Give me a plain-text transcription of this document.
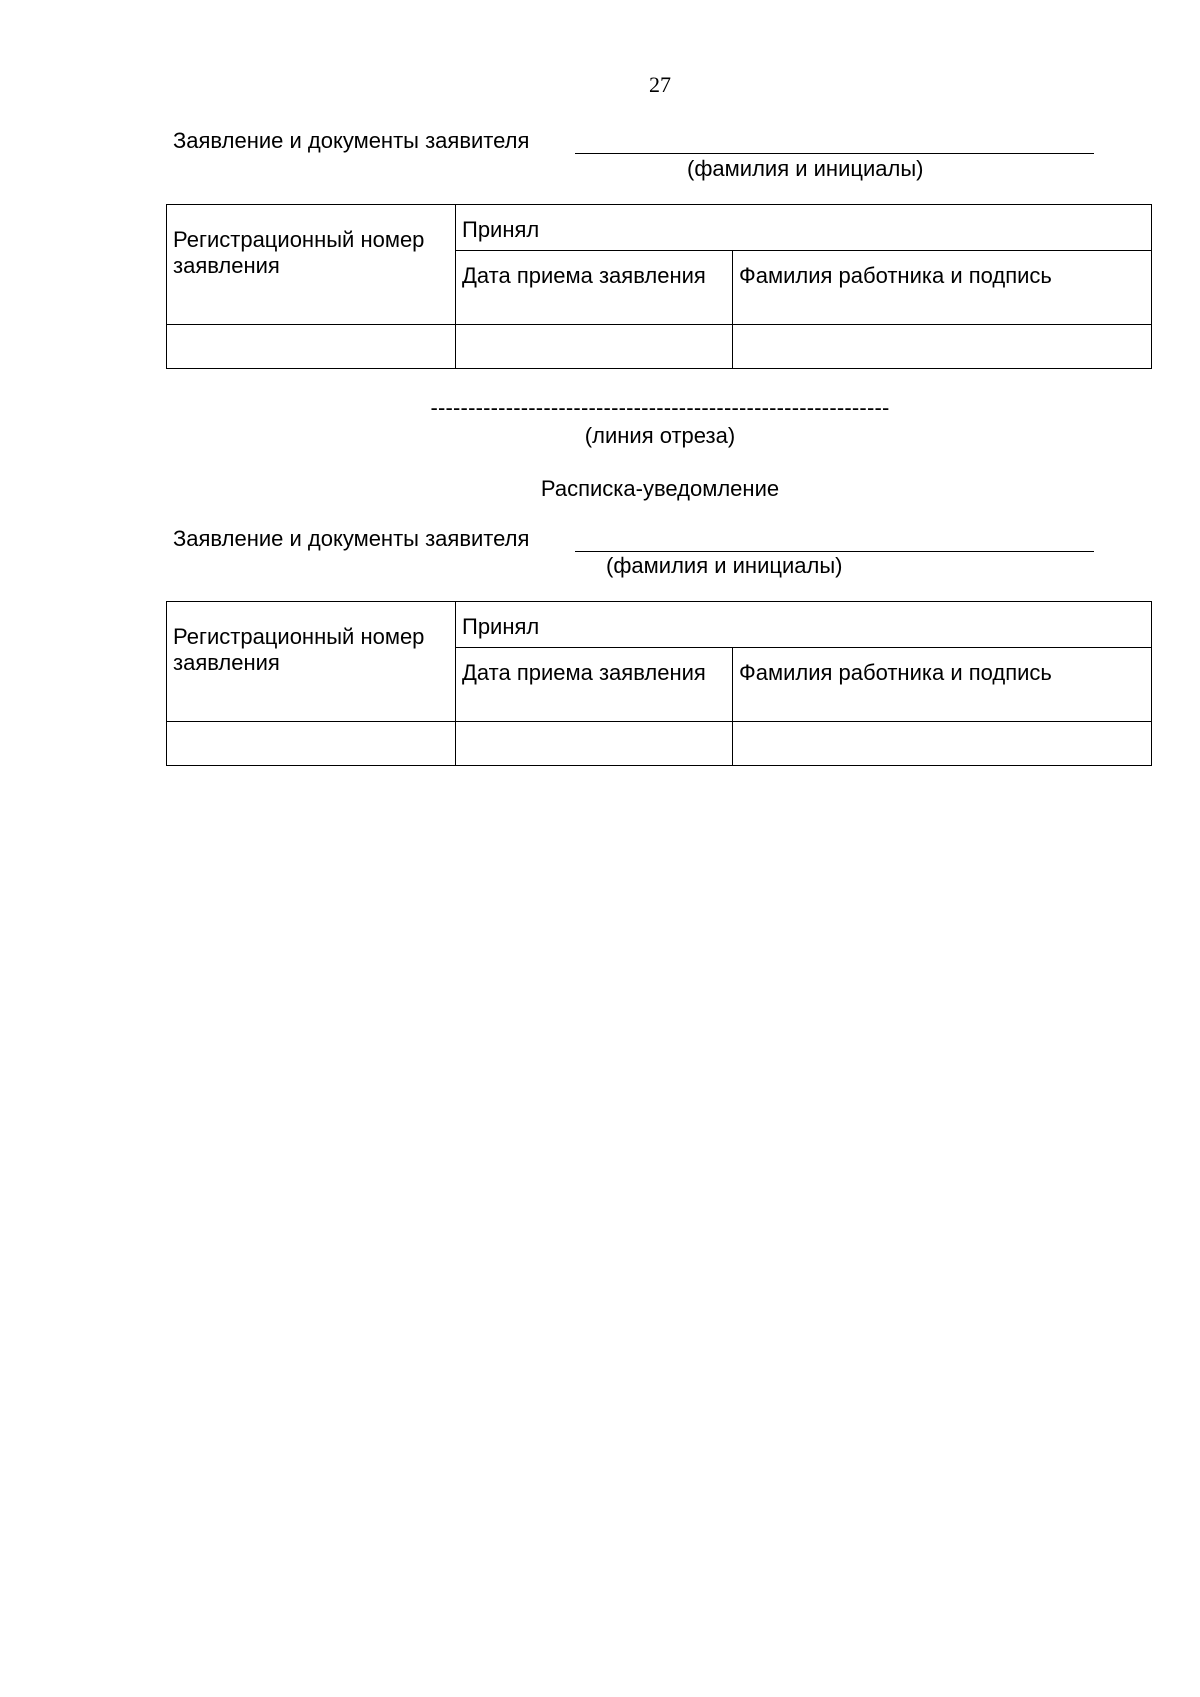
27
Заявление и документы заявителя
(фамилия и инициалы)
Регистрационный номер заявления	Принял	
	Дата приема заявления	Фамилия работника и подпись

-------------------------------------------------------------
(линия отреза)
Расписка-уведомление
Заявление и документы заявителя
(фамилия и инициалы)
Регистрационный номер заявления	Принял	
	Дата приема заявления	Фамилия работника и подпись
